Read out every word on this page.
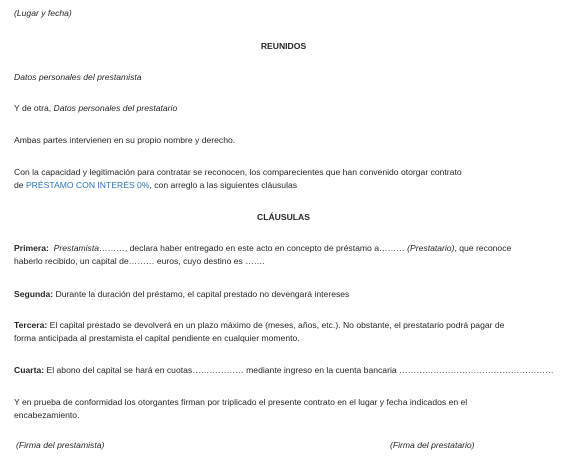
(Lugar y fecha)
REUNIDOS
Datos personales del prestamista
Y de otra, Datos personales del prestatario
Ambas partes intervienen en su propio nombre y derecho.
Con la capacidad y legitimación para contratar se reconocen, los comparecientes que han convenido otorgar contrato
de PRÉSTAMO CON INTERÉS 0%, con arreglo a las siguientes cláusulas
CLÁUSULAS
Primera: Prestamista………, declara haber entregado en este acto en concepto de préstamo a……… (Prestatario), que reconoce
haberlo recibido, un capital de……… euros, cuyo destino es …….
Segunda: Durante la duración del préstamo, el capital prestado no devengará intereses
Tercera: El capital prestado se devolverá en un plazo máximo de (meses, años, etc.). No obstante, el prestatario podrá pagar de
forma anticipada al prestamista el capital pendiente en cualquier momento.
Cuarta: El abono del capital se hará en cuotas……………… mediante ingreso en la cuenta bancaria ………………………………………………
Y en prueba de conformidad los otorgantes firman por triplicado el presente contrato en el lugar y fecha indicados en el
encabezamiento.
(Firma del prestamista)	(Firma del prestatario)
